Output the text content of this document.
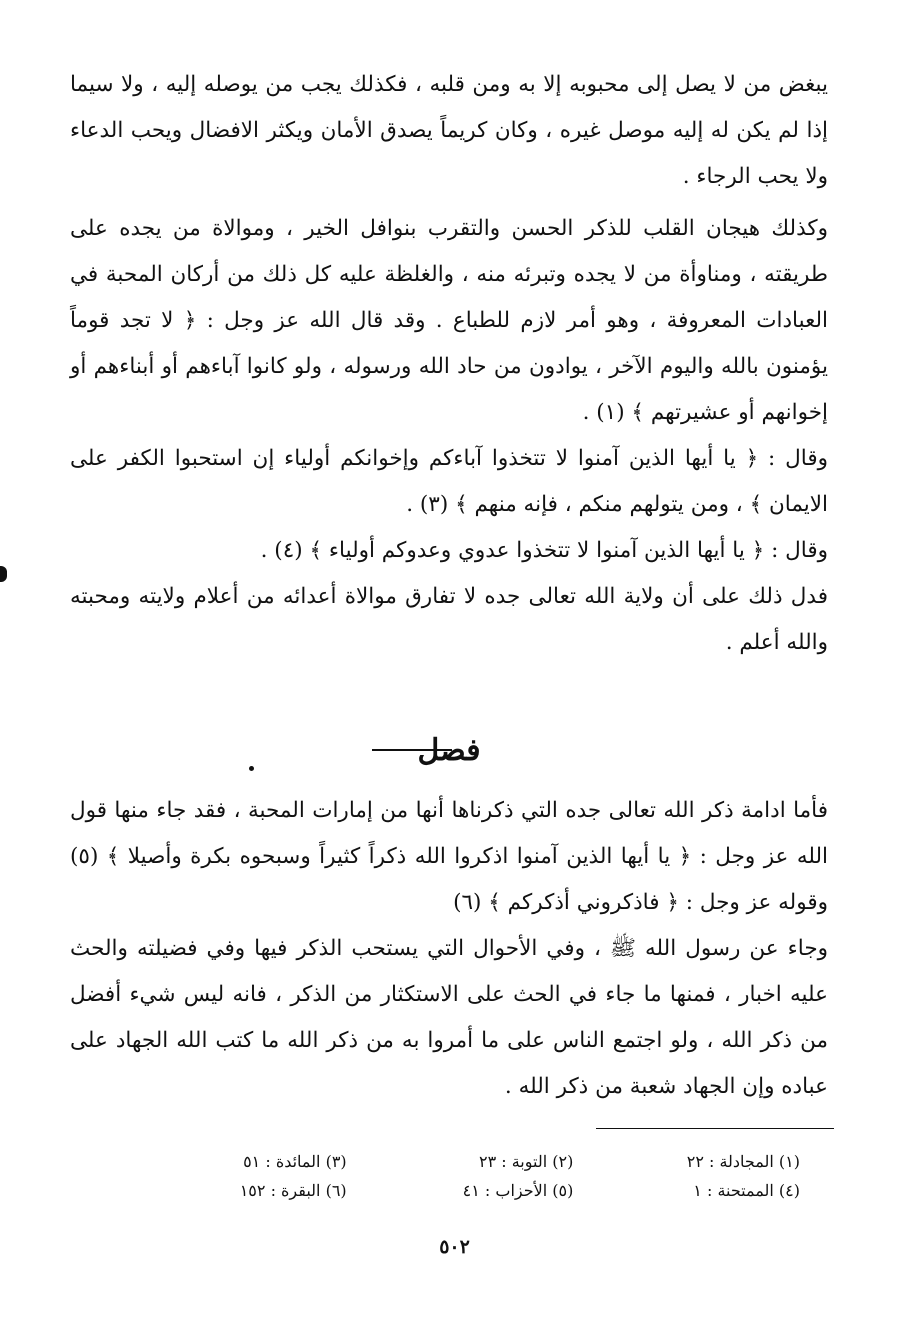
يبغض من لا يصل إلى محبوبه إلا به ومن قلبه ، فكذلك يجب من يوصله إليه ، ولا سيما إذا لم يكن له إليه موصل غيره ، وكان كريماً يصدق الأمان ويكثر الافضال ويحب الدعاء ولا يحب الرجاء .

وكذلك هيجان القلب للذكر الحسن والتقرب بنوافل الخير ، وموالاة من يجده على طريقته ، ومناوأة من لا يجده وتبرئه منه ، والغلظة عليه كل ذلك من أركان المحبة في العبادات المعروفة ، وهو أمر لازم للطباع . وقد قال الله عز وجل : ﴿ لا تجد قوماً يؤمنون بالله واليوم الآخر ، يوادون من حاد الله ورسوله ، ولو كانوا آباءهم أو أبناءهم أو إخوانهم أو عشيرتهم ﴾ (١) .

وقال : ﴿ يا أيها الذين آمنوا لا تتخذوا آباءكم وإخوانكم أولياء إن استحبوا الكفر على الايمان ﴾ ، ومن يتولهم منكم ، فإنه منهم ﴾ (٣) .

وقال : ﴿ يا أيها الذين آمنوا لا تتخذوا عدوي وعدوكم أولياء ﴾ (٤) .

فدل ذلك على أن ولاية الله تعالى جده لا تفارق موالاة أعدائه من أعلام ولايته ومحبته والله أعلم .

فصل

فأما ادامة ذكر الله تعالى جده التي ذكرناها أنها من إمارات المحبة ، فقد جاء منها قول الله عز وجل : ﴿ يا أيها الذين آمنوا اذكروا الله ذكراً كثيراً وسبحوه بكرة وأصيلا ﴾ (٥) وقوله عز وجل : ﴿ فاذكروني أذكركم ﴾ (٦)

وجاء عن رسول الله ﷺ ، وفي الأحوال التي يستحب الذكر فيها وفي فضيلته والحث عليه اخبار ، فمنها ما جاء في الحث على الاستكثار من الذكر ، فانه ليس شيء أفضل من ذكر الله ، ولو اجتمع الناس على ما أمروا به من ذكر الله ما كتب الله الجهاد على عباده وإن الجهاد شعبة من ذكر الله .

(١) المجادلة : ٢٢
(٢) التوبة : ٢٣
(٣) المائدة : ٥١
(٤) الممتحنة : ١
(٥) الأحزاب : ٤١
(٦) البقرة : ١٥٢
٥٠٢
